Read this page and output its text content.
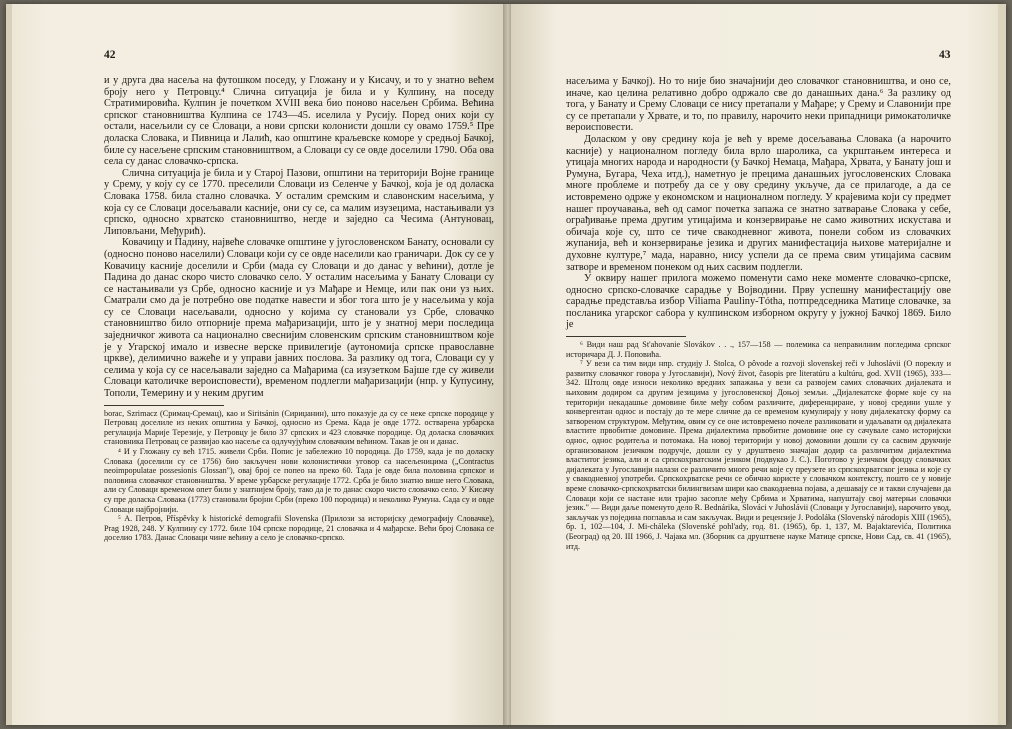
42

и у друга два насеља на футошком поседу, у Гложану и у Кисачу, и то у знатно већем броју него у Петровцу.⁴ Слична ситуација је била и у Кулпину, на поседу Стратимировића. Кулпин је почетком XVIII века био поново насељен Србима. Већина српског становништва Кулпина се 1743—45. иселила у Русију. Поред оних који су остали, насељили су се Словаци, а нови српски колонисти дошли су овамо 1759.⁵ Пре доласка Словака, и Пивница и Лалић, као општине краљевске коморе у средњој Бачкој, биле су насељене српским становништвом, а Словаци су се овде доселили 1790. Оба ова села су данас словачко-српска.

Слична ситуација је била и у Старој Пазови, општини на територији Војне границе у Срему, у коју су се 1770. преселили Словаци из Селенче у Бачкој, која је од доласка Словака 1758. била стално словачка. У осталим сремским и славонским насељима, у која су се Словаци досељавали касније, они су се, са малим изузецима, настањивали уз српско, односно хрватско становништво, негде и заједно са Чесима (Антуновац, Липовљани, Међурић).

Ковачицу и Падину, највеће словачке општине у југословенском Банату, основали су (односно поново населили) Словаци који су се овде населили као граничари. Док су се у Ковачицу касније доселили и Срби (мада су Словаци и до данас у већини), дотле је Падина до данас скоро чисто словачко село. У осталим насељима у Банату Словаци су се настањивали уз Србе, односно касније и уз Мађаре и Немце, или пак они уз њих. Сматрали смо да је потребно ове податке навести и због тога што је у насељима у која су се Словаци насељавали, односно у којима су становали уз Србе, словачко становништво било отпорније према мађаризацији, што је у знатној мери последица заједничког живота са национално свеснијим словенским српским становништвом које је у Угарској имало и извесне верске привилегије (аутономија српске православне цркве), делимично важеће и у управи јавних послова. За разлику од тога, Словаци су у селима у која су се насељавали заједно са Мађарима (са изузетком Бајше где су живели Словаци католичке вероисповести), временом подлегли мађаризацији (нпр. у Купусину, Тополи, Темерину и у неким другим

borac, Szrimacz (Сримац-Сремац), као и Siritsánin (Сириџанин), што показује да су се неке српске породице у Петровац доселиле из неких општина у Бачкој, односно из Срема. Када је овде 1772. остварена урбарска регулација Марије Терезије, у Петровцу је било 37 српских и 423 словачке породице. Од доласка словачких становника Петровац се развијао као насеље са одлучујућим словачким већином. Такав је он и данас.

⁴ И у Гложану су већ 1715. живели Срби. Попис је забележио 10 породица. До 1759, када је по доласку Словака (доселили су се 1756) био закључен нови колонистички уговор са насељеницима („Contractus neoimpopulatae possesionis Glossan"), овај број се попео на преко 60. Тада је овде била половина српског и половина словачког становништва. У време урбарске регулације 1772. Срба је било знатно више него Словака, али су Словаци временом опет били у знатнијем броју, тако да је то данас скоро чисто словачко село. У Кисачу су пре доласка Словака (1773) становали бројни Срби (преко 100 породица) и неколико Румуна. Сада су и овде Словаци најбројнији.

⁵ А. Петров, Příspěvky k historické demografii Slovenska (Прилози за историјску демографију Словачке), Prag 1928, 248. У Кулпину су 1772. биле 104 српске породице, 21 словачка и 4 мађарске. Већи број Словака се доселио 1783. Данас Словаци чине већину а село је словачко-српско.

43

насељима у Бачкој). Но то није био значајнији део словачког становништва, и оно се, иначе, као целина релативно добро одржало све до данашњих дана.⁶ За разлику од тога, у Банату и Срему Словаци се нису претапали у Мађаре; у Срему и Славонији пре су се претапали у Хрвате, и то, по правилу, нарочито неки припадници римокатоличке вероисповести.

Доласком у ову средину која је већ у време досељавања Словака (а нарочито касније) у националном погледу била врло шаролика, са укрштањем интереса и утицаја многих народа и народности (у Бачкој Немаца, Мађара, Хрвата, у Банату још и Румуна, Бугара, Чехa итд.), наметнуо је прецима данашњих југословенских Словака многе проблеме и потребу да се у ову средину укључе, да се прилагоде, а да се истовремено одрже у економском и националном погледу. У крајевима који су предмет нашег проучавања, већ од самог почетка запажа се знатно затварање Словака у себе, ограђивање према другим утицајима и конзервирање не само животних искустава и обичаја које су, што се тиче свакодневног живота, понели собом из словачких жупанија, већ и конзервирање језика и других манифестација њихове материјалне и духовне културе,⁷ мада, наравно, нису успели да се према свим утицајима сасвим затворе и временом понеком од њих сасвим подлегли.

У оквиру нашег прилога можемо поменути само неке моменте словачко-српске, односно српско-словачке сарадње у Војводини. Прву успешну манифестацију ове сарадње представља избор Viliama Pauliny-Tótha, потпредседника Матице словачке, за посланика угарског сабора у кулпинском изборном округу у јужној Бачкој 1869. Било је

⁶ Види наш рад St'ahovanie Slovákov . . ., 157—158 — полемика са неправилним погледима српског историчара Д. Ј. Поповића.

⁷ У вези са тим види нпр. студију J. Stolca, O pôvode a rozvoji slovenskej reči v Juhoslávii (О пореклу и развитку словачког говора у Југославији), Nový život, časopis pre literatúru a kultúru, god. XVII (1965), 333—342. Штолц овде износи неколико вредних запажања у вези са развојем самих словачких дијалеката и њиховим додиром са другим језицима у југословенској Доњој земљи. „Дијалекатске форме које су на територији некадашње домовине биле међу собом различите, диференциране, у новој средини ушле у конвергентан однос и постају до те мере сличне да се временом кумулирају у нову дијалекатску форму са затвореном структуром. Међутим, овим су се оне истовремено почеле разликовати и удаљавати од дијалеката властите првобитне домовине. Према дијалектима првобитне домовине оне су сачувале само историјски однос, однос родитеља и потомака. На новој територији у новој домовини дошли су са сасвим друкчије организованом језичком подручје, дошли су у друштвено значајан додир са различитим дијалектима властитог језика, али и са српскохрватским језиком (подвукао J. С.). Поготово у језичком фонду словачких дијалеката у Југославији налази се различито много речи које су преузете из српскохрватског језика и које су у свакодневној употреби. Српскохрватске речи се обично користе у словачком контексту, пошто се у новије време словачко-српскохрватски билингвизам шири као свакодневна појава, а дешавају се и такви случајеви да Словаци који се настане или трајно засопле међу Србима и Хрватима, напуштају свој матерњи словачки језик." — Види даље поменуто дело R. Bednárika, Slováci v Juhoslávii (Словаци у Југославији), нарочито увод, закључак уз поједина поглавља и сам закључак. Види и рецензије J. Podoláka (Slovenský národopis XIII (1965), бр. 1, 102—104, J. Mi-cháleka (Slovenské pohl'ady, год. 81. (1965), бр. 1, 137, M. Bajaktarevića, Политика (Београд) од 20. III 1966, J. Чајака мл. (Зборник са друштвене науке Матице српске, Нови Сад, св. 41 (1965), итд.
